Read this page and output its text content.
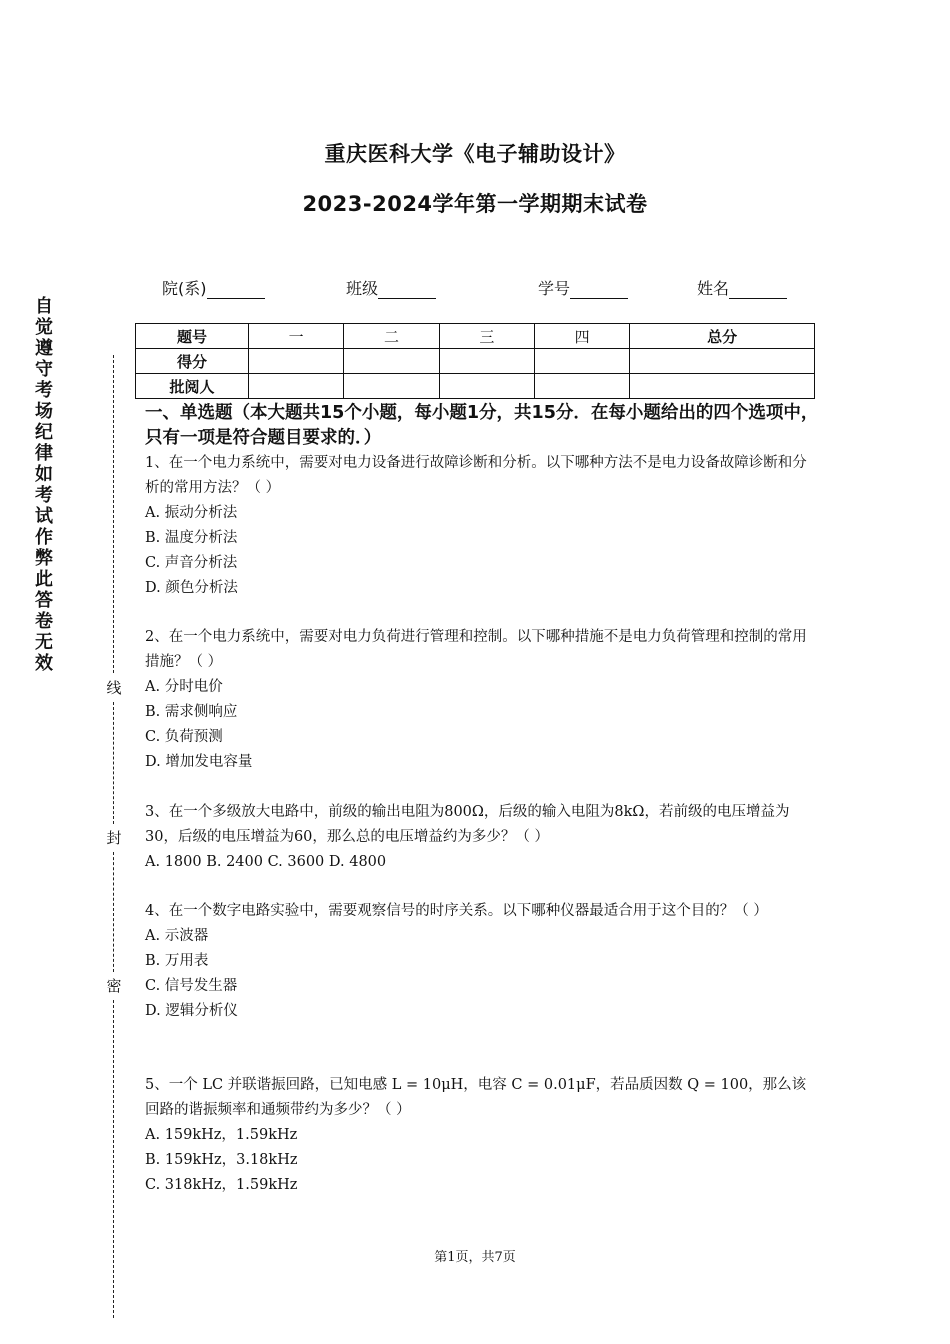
重庆医科大学《电子辅助设计》
2023-2024学年第一学期期末试卷
院(系)	班级	学号	姓名
题号	一	二	三	四	总分
得分					
批阅人					
自
觉
遵
守
考
场
纪
律
如
考
试
作
弊
此
答
卷
无
效
线
封
密
一、单选题（本大题共15个小题，每小题1分，共15分．在每小题给出的四个选项中，只有一项是符合题目要求的．）
1、在一个电力系统中，需要对电力设备进行故障诊断和分析。以下哪种方法不是电力设备故障诊断和分析的常用方法？（ ）
A. 振动分析法
B. 温度分析法
C. 声音分析法
D. 颜色分析法
2、在一个电力系统中，需要对电力负荷进行管理和控制。以下哪种措施不是电力负荷管理和控制的常用措施？（ ）
A. 分时电价
B. 需求侧响应
C. 负荷预测
D. 增加发电容量
3、在一个多级放大电路中，前级的输出电阻为800Ω，后级的输入电阻为8kΩ，若前级的电压增益为30，后级的电压增益为60，那么总的电压增益约为多少？（ ）
A. 1800 B. 2400 C. 3600 D. 4800
4、在一个数字电路实验中，需要观察信号的时序关系。以下哪种仪器最适合用于这个目的？（ ）
A. 示波器
B. 万用表
C. 信号发生器
D. 逻辑分析仪
5、一个 LC 并联谐振回路，已知电感 L = 10μH，电容 C = 0.01μF，若品质因数 Q = 100，那么该回路的谐振频率和通频带约为多少？（ ）
A. 159kHz，1.59kHz
B. 159kHz，3.18kHz
C. 318kHz，1.59kHz
第1页，共7页
